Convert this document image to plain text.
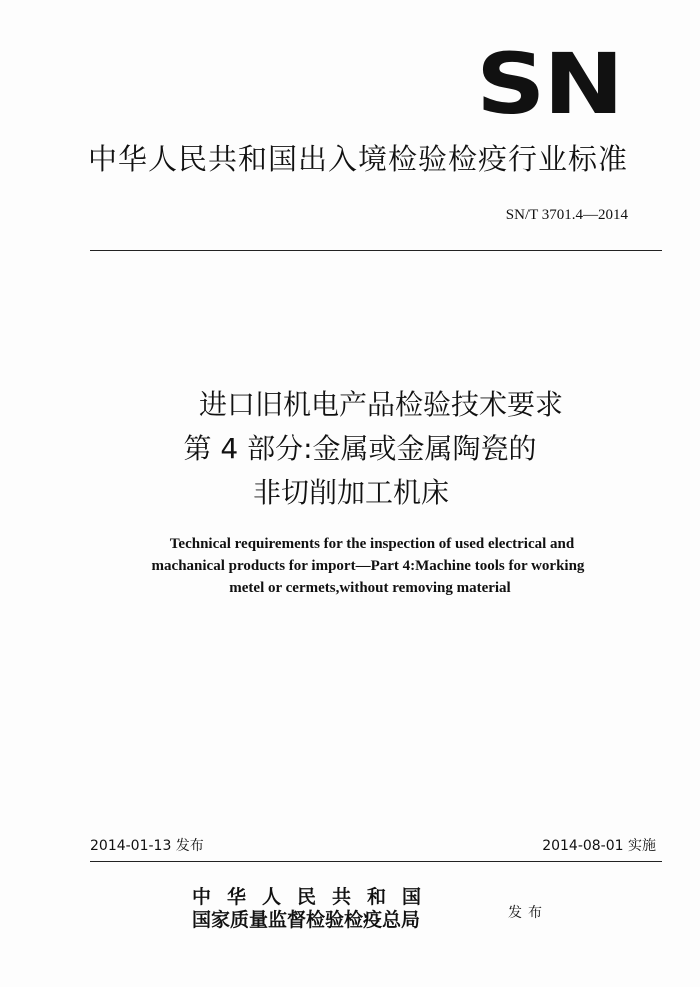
SN
中华人民共和国出入境检验检疫行业标准
SN/T 3701.4—2014
进口旧机电产品检验技术要求
第 4 部分:金属或金属陶瓷的
非切削加工机床
Technical requirements for the inspection of used electrical and
machanical products for import—Part 4:Machine tools for working
metel or cermets,without removing material
2014-01-13 发布	2014-08-01 实施
中华人民共和国
国家质量监督检验检疫总局	发布
